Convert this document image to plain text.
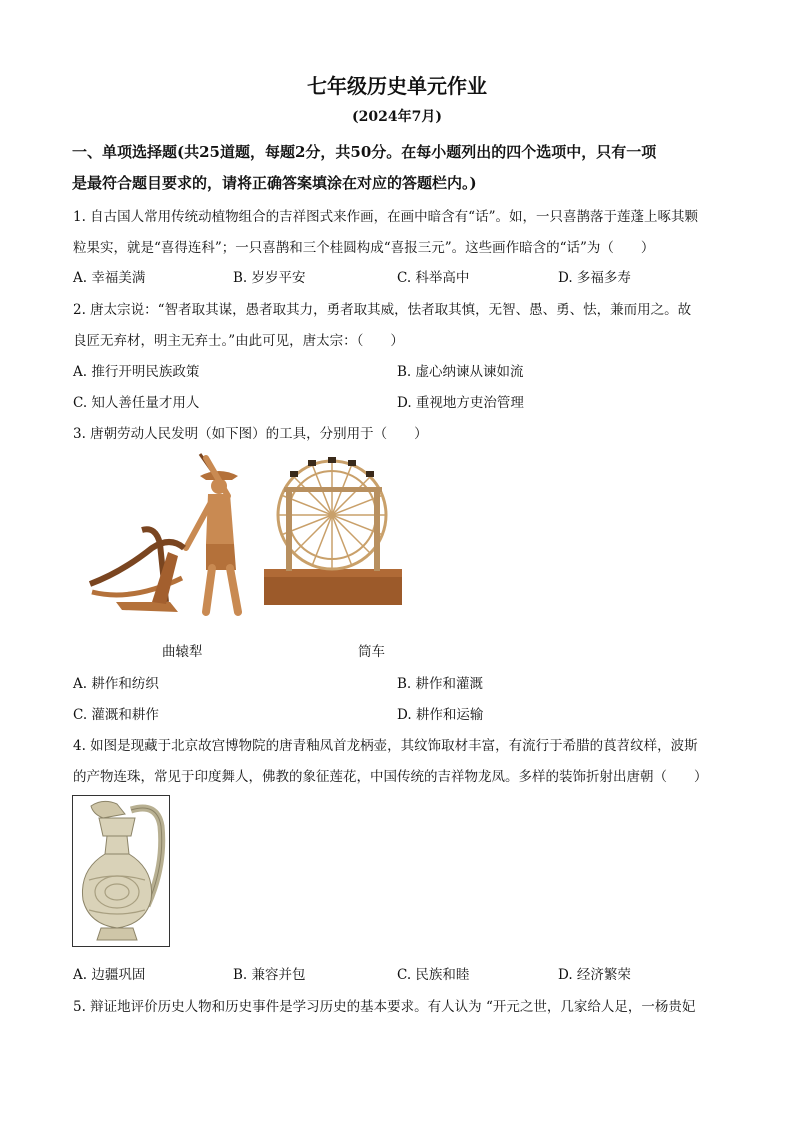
七年级历史单元作业
(2024年7月)
一、单项选择题(共25道题，每题2分，共50分。在每小题列出的四个选项中，只有一项
是最符合题目要求的，请将正确答案填涂在对应的答题栏内。)
1. 自古国人常用传统动植物组合的吉祥图式来作画，在画中暗含有“话”。如，一只喜鹊落于莲蓬上啄其颗
粒果实，就是“喜得连科”；一只喜鹊和三个桂圆构成“喜报三元”。这些画作暗含的“话”为（　　）
A. 幸福美满	B. 岁岁平安	C. 科举高中	D. 多福多寿
2. 唐太宗说：“智者取其谋，愚者取其力，勇者取其威，怯者取其慎，无智、愚、勇、怯，兼而用之。故
良匠无弃材，明主无弃士。”由此可见，唐太宗：（　　）
A. 推行开明民族政策	B. 虚心纳谏从谏如流
C. 知人善任量才用人	D. 重视地方吏治管理
3. 唐朝劳动人民发明（如下图）的工具，分别用于（　　）
曲辕犁	筒车
A. 耕作和纺织	B. 耕作和灌溉
C. 灌溉和耕作	D. 耕作和运输
4. 如图是现藏于北京故宫博物院的唐青釉凤首龙柄壶，其纹饰取材丰富，有流行于希腊的莨苕纹样，波斯
的产物连珠，常见于印度舞人，佛教的象征莲花，中国传统的吉祥物龙凤。多样的装饰折射出唐朝（　　）
A. 边疆巩固	B. 兼容并包	C. 民族和睦	D. 经济繁荣
5. 辩证地评价历史人物和历史事件是学习历史的基本要求。有人认为 “开元之世，几家给人足，一杨贵妃
